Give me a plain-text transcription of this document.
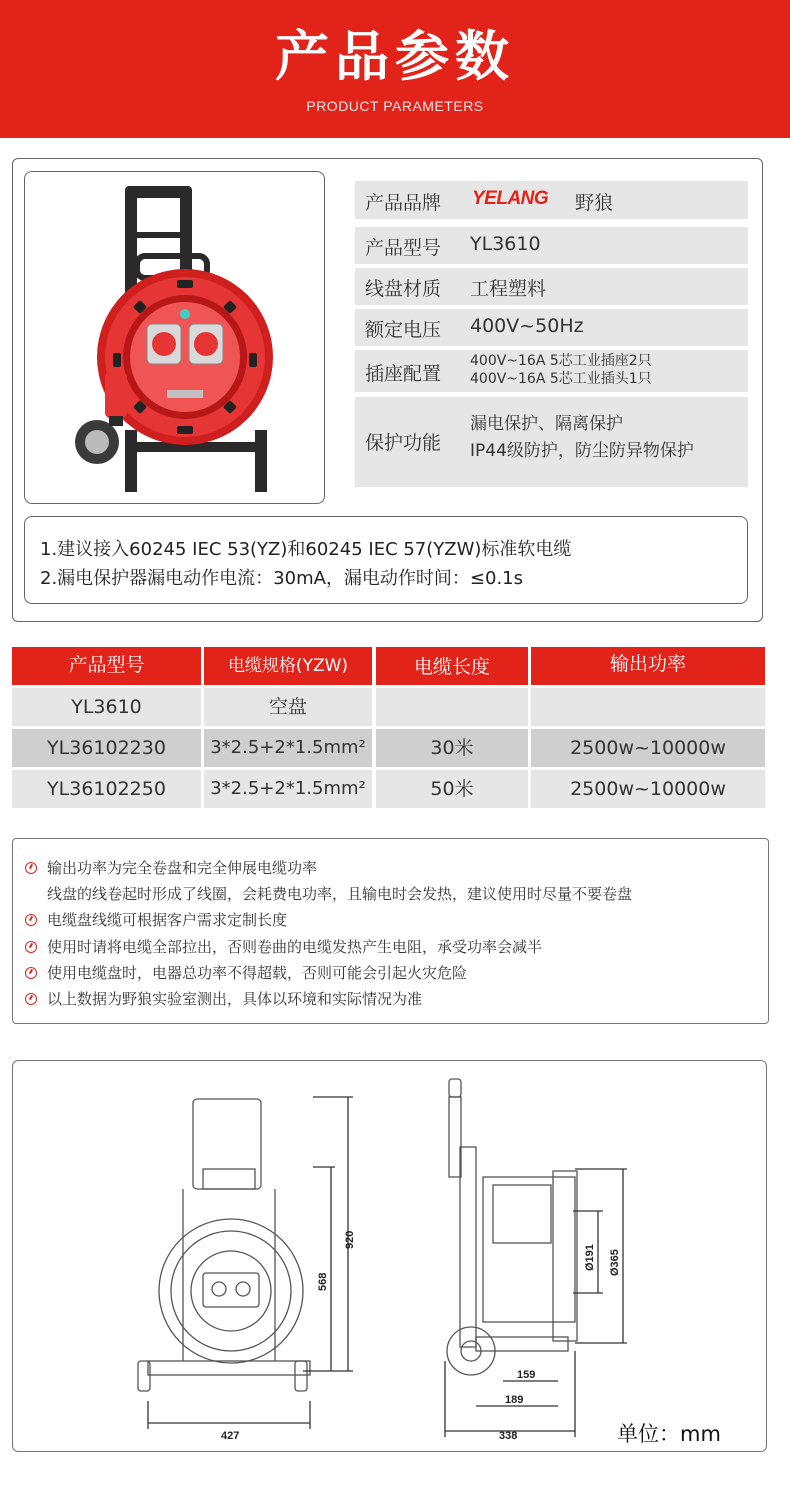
产品参数
PRODUCT PARAMETERS
产品品牌 YELANG 野狼
产品型号 YL3610
线盘材质 工程塑料
额定电压 400V~50Hz
插座配置
400V~16A 5芯工业插座2只
400V~16A 5芯工业插头1只
保护功能
漏电保护、隔离保护
IP44级防护，防尘防异物保护

1.建议接入60245 IEC 53(YZ)和60245 IEC 57(YZW)标准软电缆

2.漏电保护器漏电动作电流：30mA，漏电动作时间：≤0.1s

产品型号	电缆规格(YZW)	电缆长度	输出功率
YL3610	空盘
YL36102230	3*2.5+2*1.5mm²	30米	2500w~10000w
YL36102250	3*2.5+2*1.5mm²	50米	2500w~10000w
输出功率为完全卷盘和完全伸展电缆功率
线盘的线卷起时形成了线圈，会耗费电功率，且输电时会发热，建议使用时尽量不要卷盘
电缆盘线缆可根据客户需求定制长度
使用时请将电缆全部拉出，否则卷曲的电缆发热产生电阻，承受功率会减半
使用电缆盘时，电器总功率不得超载，否则可能会引起火灾危险
以上数据为野狼实验室测出，具体以环境和实际情况为准
920
568
427	338
159
189
Ø191 Ø365
单位：mm
